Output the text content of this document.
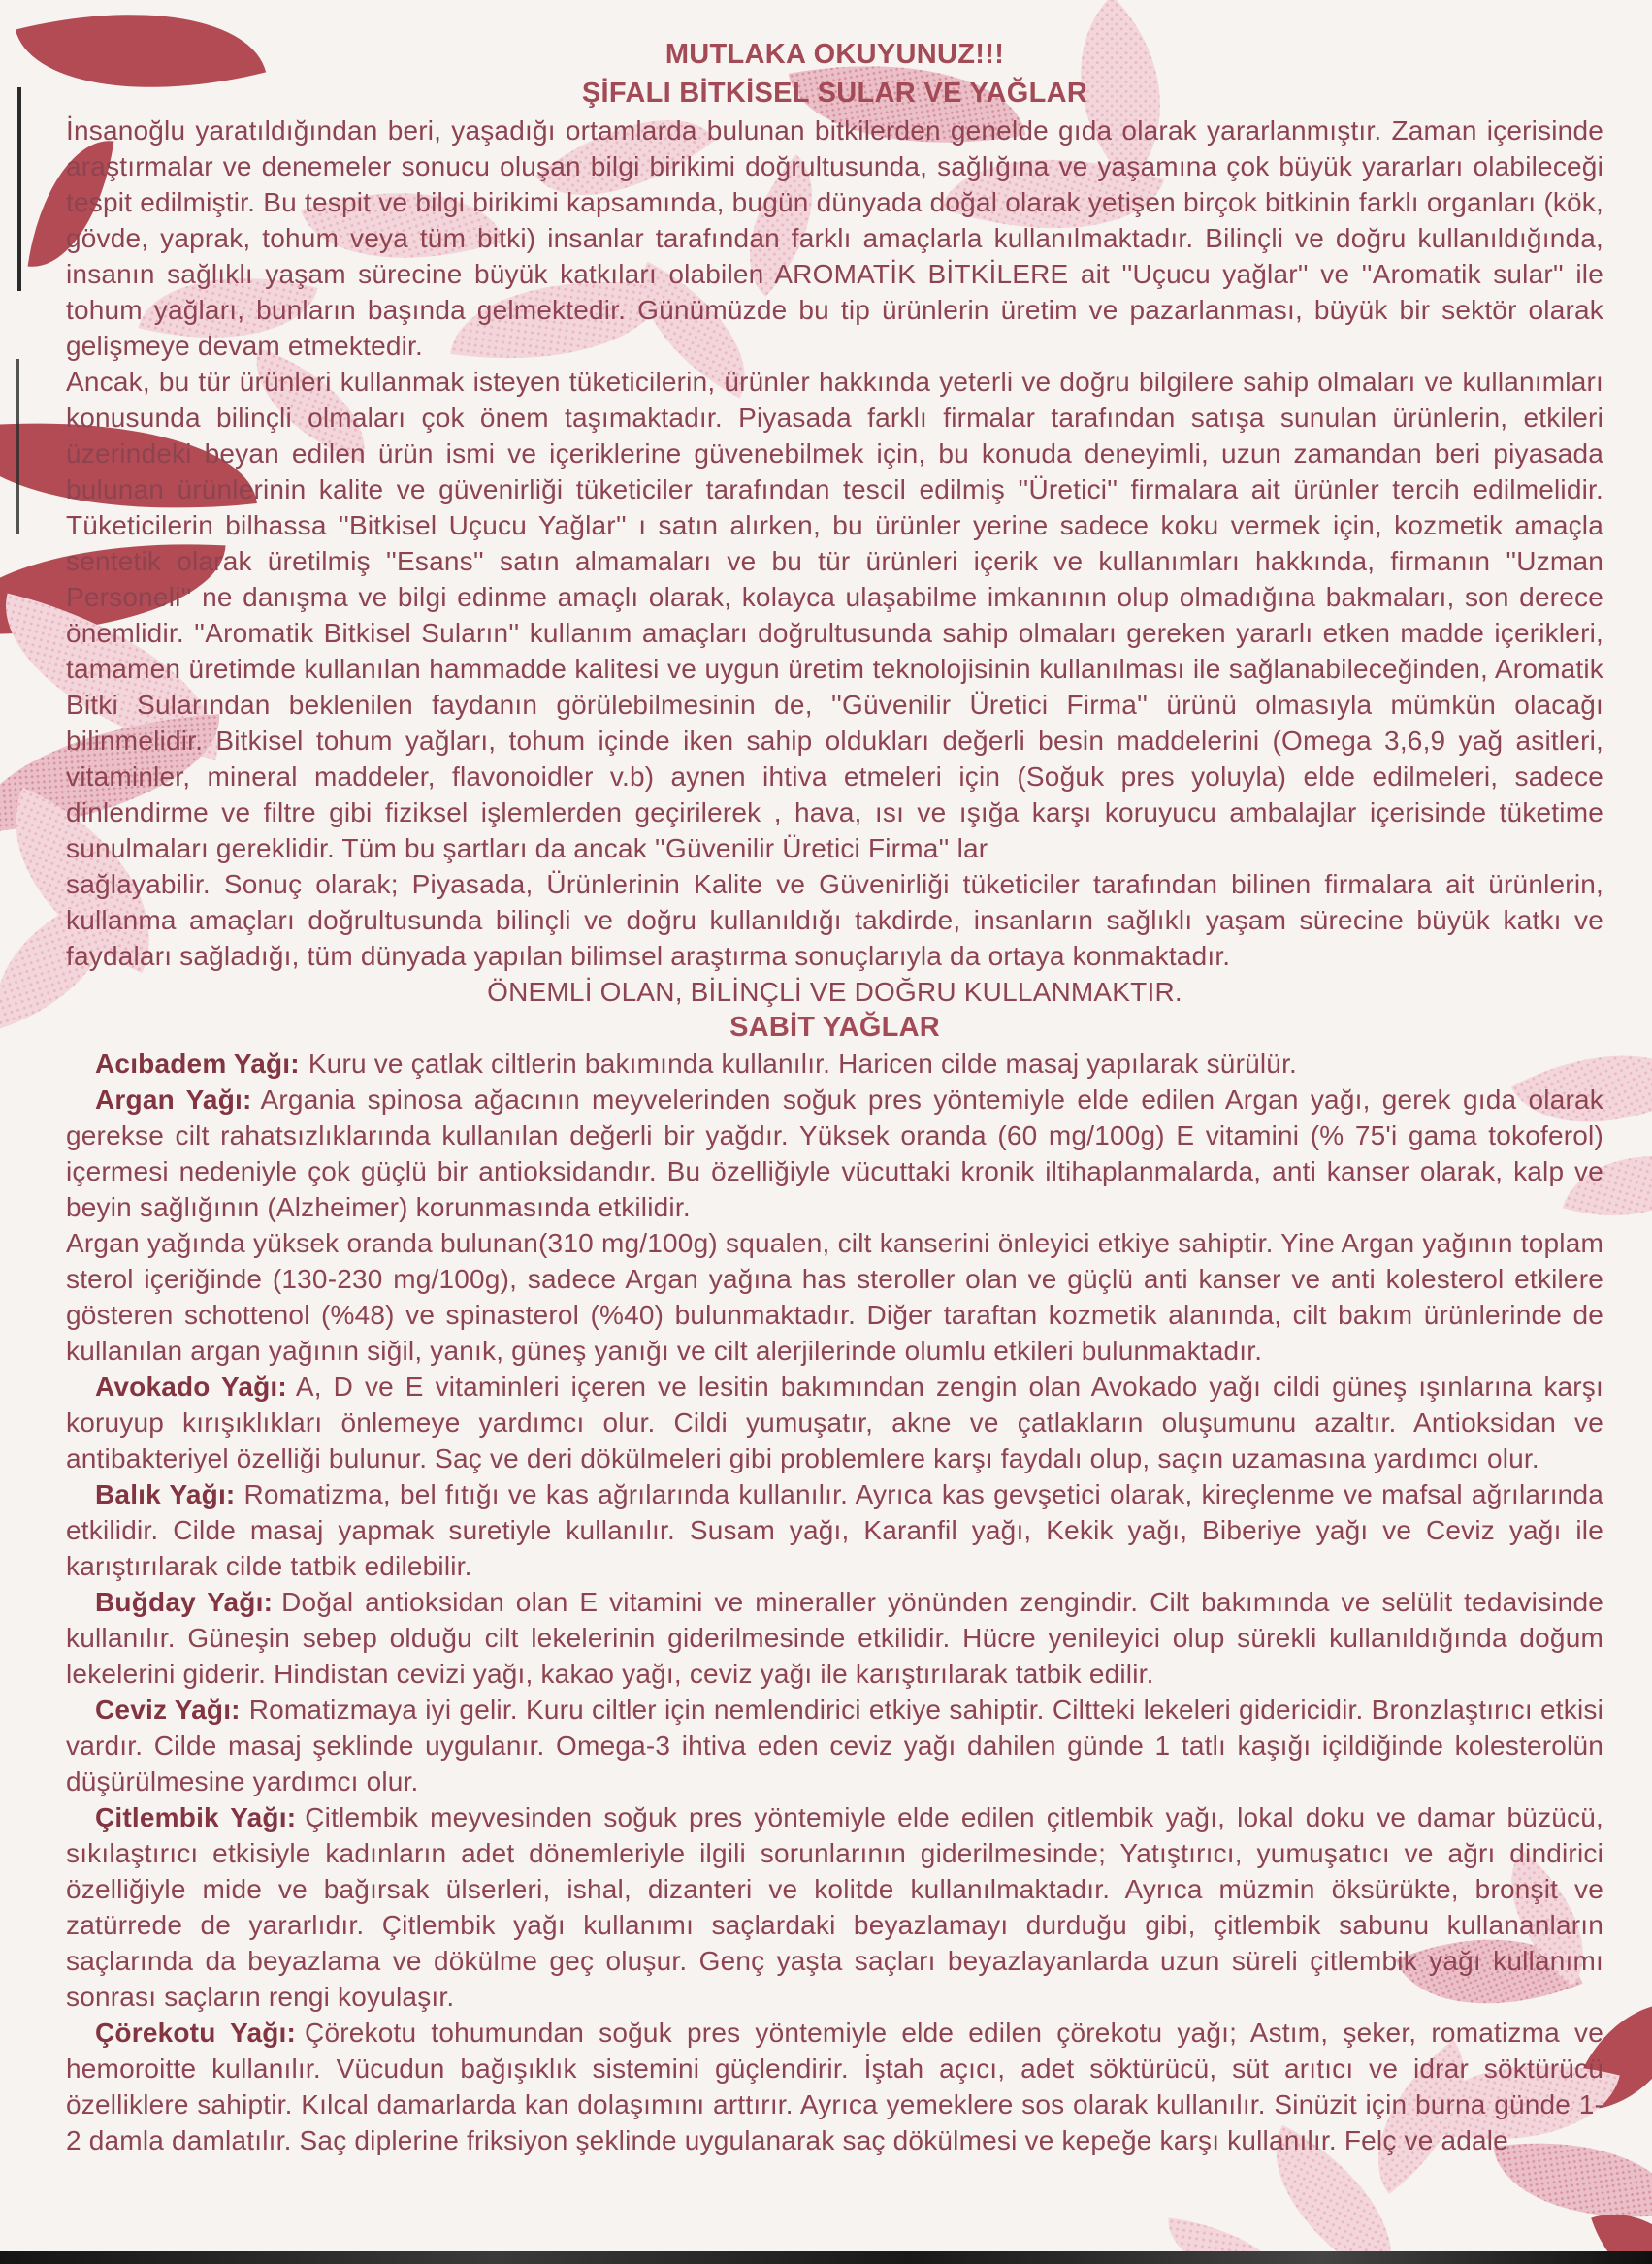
MUTLAKA OKUYUNUZ!!!

ŞİFALI BİTKİSEL SULAR VE YAĞLAR

İnsanoğlu yaratıldığından beri, yaşadığı ortamlarda bulunan bitkilerden genelde gıda olarak yararlanmıştır. Zaman içerisinde araştırmalar ve denemeler sonucu oluşan bilgi birikimi doğrultusunda, sağlığına ve yaşamına çok büyük yararları olabileceği tespit edilmiştir. Bu tespit ve bilgi birikimi kapsamında, bugün dünyada doğal olarak yetişen birçok bitkinin farklı organları (kök, gövde, yaprak, tohum veya tüm bitki) insanlar tarafından farklı amaçlarla kullanılmaktadır. Bilinçli ve doğru kullanıldığında, insanın sağlıklı yaşam sürecine büyük katkıları olabilen AROMATİK BİTKİLERE ait ''Uçucu yağlar'' ve ''Aromatik sular'' ile tohum yağları, bunların başında gelmektedir. Günümüzde bu tip ürünlerin üretim ve pazarlanması, büyük bir sektör olarak gelişmeye devam etmektedir.

Ancak, bu tür ürünleri kullanmak isteyen tüketicilerin, ürünler hakkında yeterli ve doğru bilgilere sahip olmaları ve kullanımları konusunda bilinçli olmaları çok önem taşımaktadır. Piyasada farklı firmalar tarafından satışa sunulan ürünlerin, etkileri üzerindeki beyan edilen ürün ismi ve içeriklerine güvenebilmek için, bu konuda deneyimli, uzun zamandan beri piyasada bulunan ürünlerinin kalite ve güvenirliği tüketiciler tarafından tescil edilmiş ''Üretici'' firmalara ait ürünler tercih edilmelidir. Tüketicilerin bilhassa ''Bitkisel Uçucu Yağlar'' ı satın alırken, bu ürünler yerine sadece koku vermek için, kozmetik amaçla sentetik olarak üretilmiş ''Esans'' satın almamaları ve bu tür ürünleri içerik ve kullanımları hakkında, firmanın ''Uzman Personeli'' ne danışma ve bilgi edinme amaçlı olarak, kolayca ulaşabilme imkanının olup olmadığına bakmaları, son derece önemlidir. ''Aromatik Bitkisel Suların'' kullanım amaçları doğrultusunda sahip olmaları gereken yararlı etken madde içerikleri, tamamen üretimde kullanılan hammadde kalitesi ve uygun üretim teknolojisinin kullanılması ile sağlanabileceğinden, Aromatik Bitki Sularından beklenilen faydanın görülebilmesinin de, ''Güvenilir Üretici Firma'' ürünü olmasıyla mümkün olacağı bilinmelidir. Bitkisel tohum yağları, tohum içinde iken sahip oldukları değerli besin maddelerini (Omega 3,6,9 yağ asitleri, vitaminler, mineral maddeler, flavonoidler v.b) aynen ihtiva etmeleri için (Soğuk pres yoluyla) elde edilmeleri, sadece dinlendirme ve filtre gibi fiziksel işlemlerden geçirilerek , hava, ısı ve ışığa karşı koruyucu ambalajlar içerisinde tüketime sunulmaları gereklidir. Tüm bu şartları da ancak ''Güvenilir Üretici Firma'' lar

sağlayabilir. Sonuç olarak; Piyasada, Ürünlerinin Kalite ve Güvenirliği tüketiciler tarafından bilinen firmalara ait ürünlerin, kullanma amaçları doğrultusunda bilinçli ve doğru kullanıldığı takdirde, insanların sağlıklı yaşam sürecine büyük katkı ve faydaları sağladığı, tüm dünyada yapılan bilimsel araştırma sonuçlarıyla da ortaya konmaktadır.

ÖNEMLİ OLAN, BİLİNÇLİ VE DOĞRU KULLANMAKTIR.

SABİT YAĞLAR

Acıbadem Yağı: Kuru ve çatlak ciltlerin bakımında kullanılır. Haricen cilde masaj yapılarak sürülür.

Argan Yağı: Argania spinosa ağacının meyvelerinden soğuk pres yöntemiyle elde edilen Argan yağı, gerek gıda olarak gerekse cilt rahatsızlıklarında kullanılan değerli bir yağdır. Yüksek oranda (60 mg/100g) E vitamini (% 75'i gama tokoferol) içermesi nedeniyle çok güçlü bir antioksidandır. Bu özelliğiyle vücuttaki kronik iltihaplanmalarda, anti kanser olarak, kalp ve beyin sağlığının (Alzheimer) korunmasında etkilidir.

Argan yağında yüksek oranda bulunan(310 mg/100g) squalen, cilt kanserini önleyici etkiye sahiptir. Yine Argan yağının toplam sterol içeriğinde (130-230 mg/100g), sadece Argan yağına has steroller olan ve güçlü anti kanser ve anti kolesterol etkilere gösteren schottenol (%48) ve spinasterol (%40) bulunmaktadır. Diğer taraftan kozmetik alanında, cilt bakım ürünlerinde de kullanılan argan yağının siğil, yanık, güneş yanığı ve cilt alerjilerinde olumlu etkileri bulunmaktadır.

Avokado Yağı: A, D ve E vitaminleri içeren ve lesitin bakımından zengin olan Avokado yağı cildi güneş ışınlarına karşı koruyup kırışıklıkları önlemeye yardımcı olur. Cildi yumuşatır, akne ve çatlakların oluşumunu azaltır. Antioksidan ve antibakteriyel özelliği bulunur. Saç ve deri dökülmeleri gibi problemlere karşı faydalı olup, saçın uzamasına yardımcı olur.

Balık Yağı: Romatizma, bel fıtığı ve kas ağrılarında kullanılır. Ayrıca kas gevşetici olarak, kireçlenme ve mafsal ağrılarında etkilidir. Cilde masaj yapmak suretiyle kullanılır. Susam yağı, Karanfil yağı, Kekik yağı, Biberiye yağı ve Ceviz yağı ile karıştırılarak cilde tatbik edilebilir.

Buğday Yağı: Doğal antioksidan olan E vitamini ve mineraller yönünden zengindir. Cilt bakımında ve selülit tedavisinde kullanılır. Güneşin sebep olduğu cilt lekelerinin giderilmesinde etkilidir. Hücre yenileyici olup sürekli kullanıldığında doğum lekelerini giderir. Hindistan cevizi yağı, kakao yağı, ceviz yağı ile karıştırılarak tatbik edilir.

Ceviz Yağı: Romatizmaya iyi gelir. Kuru ciltler için nemlendirici etkiye sahiptir. Ciltteki lekeleri gidericidir. Bronzlaştırıcı etkisi vardır. Cilde masaj şeklinde uygulanır. Omega-3 ihtiva eden ceviz yağı dahilen günde 1 tatlı kaşığı içildiğinde kolesterolün düşürülmesine yardımcı olur.

Çitlembik Yağı: Çitlembik meyvesinden soğuk pres yöntemiyle elde edilen çitlembik yağı, lokal doku ve damar büzücü, sıkılaştırıcı etkisiyle kadınların adet dönemleriyle ilgili sorunlarının giderilmesinde; Yatıştırıcı, yumuşatıcı ve ağrı dindirici özelliğiyle mide ve bağırsak ülserleri, ishal, dizanteri ve kolitde kullanılmaktadır. Ayrıca müzmin öksürükte, bronşit ve zatürrede de yararlıdır. Çitlembik yağı kullanımı saçlardaki beyazlamayı durduğu gibi, çitlembik sabunu kullananların saçlarında da beyazlama ve dökülme geç oluşur. Genç yaşta saçları beyazlayanlarda uzun süreli çitlembik yağı kullanımı sonrası saçların rengi koyulaşır.

Çörekotu Yağı: Çörekotu tohumundan soğuk pres yöntemiyle elde edilen çörekotu yağı; Astım, şeker, romatizma ve hemoroitte kullanılır. Vücudun bağışıklık sistemini güçlendirir. İştah açıcı, adet söktürücü, süt arıtıcı ve idrar söktürücü özelliklere sahiptir. Kılcal damarlarda kan dolaşımını arttırır. Ayrıca yemeklere sos olarak kullanılır. Sinüzit için burna günde 1-2 damla damlatılır. Saç diplerine friksiyon şeklinde uygulanarak saç dökülmesi ve kepeğe karşı kullanılır. Felç ve adale
